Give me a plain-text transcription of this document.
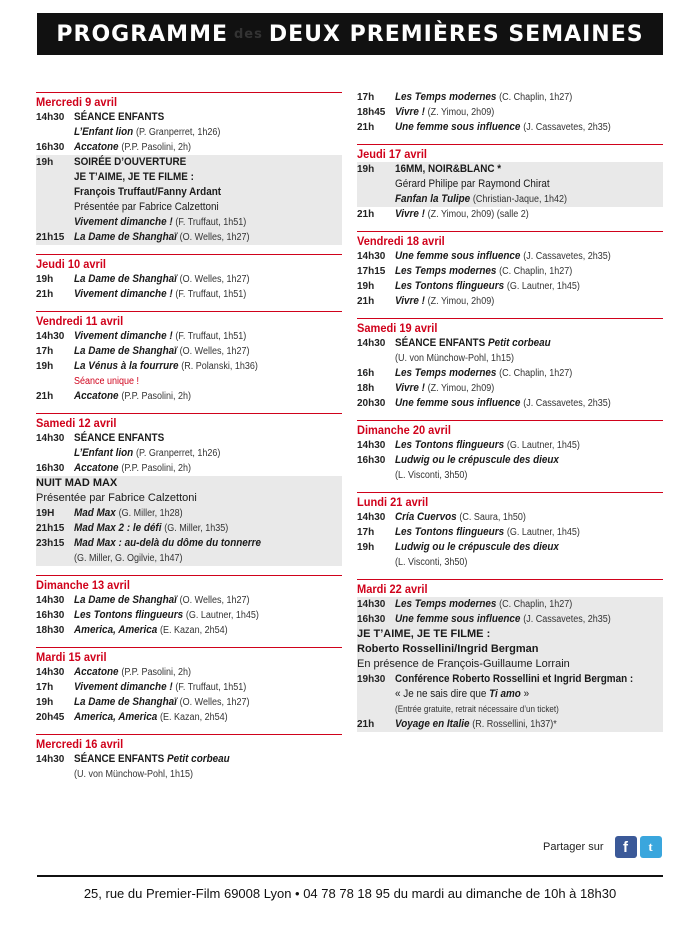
PROGRAMME des DEUX PREMIÈRES SEMAINES
Mercredi 9 avril
14h30 SÉANCE ENFANTS
L’Enfant lion (P. Granperret, 1h26)
16h30 Accatone (P.P. Pasolini, 2h)
19h	SOIRÉE D’OUVERTURE
JE T’AIME, JE TE FILME :
François Truffaut/Fanny Ardant
Présentée par Fabrice Calzettoni
Vivement dimanche ! (F. Truffaut, 1h51)
21h15 La Dame de Shanghaï (O. Welles, 1h27)
Jeudi 10 avril
19h	La Dame de Shanghaï (O. Welles, 1h27)
21h	Vivement dimanche ! (F. Truffaut, 1h51)
Vendredi 11 avril
14h30 Vivement dimanche ! (F. Truffaut, 1h51)
17h	La Dame de Shanghaï (O. Welles, 1h27)
19h	La Vénus à la fourrure (R. Polanski, 1h36)
Séance unique !
21h	Accatone (P.P. Pasolini, 2h)
Samedi 12 avril
14h30 SÉANCE ENFANTS
L’Enfant lion (P. Granperret, 1h26)
16h30 Accatone (P.P. Pasolini, 2h)
NUIT MAD MAX
Présentée par Fabrice Calzettoni
19H	Mad Max (G. Miller, 1h28)
21h15 Mad Max 2 : le défi (G. Miller, 1h35)
23h15 Mad Max : au-delà du dôme du tonnerre
(G. Miller, G. Ogilvie, 1h47)
Dimanche 13 avril
14h30 La Dame de Shanghaï (O. Welles, 1h27)
16h30 Les Tontons flingueurs (G. Lautner, 1h45)
18h30 America, America (E. Kazan, 2h54)
Mardi 15 avril
14h30 Accatone (P.P. Pasolini, 2h)
17h	Vivement dimanche ! (F. Truffaut, 1h51)
19h	La Dame de Shanghaï (O. Welles, 1h27)
20h45 America, America (E. Kazan, 2h54)
Mercredi 16 avril
14h30 SÉANCE ENFANTS Petit corbeau
(U. von Münchow-Pohl, 1h15)
17h	Les Temps modernes (C. Chaplin, 1h27)
18h45 Vivre ! (Z. Yimou, 2h09)
21h	Une femme sous influence (J. Cassavetes, 2h35)
Jeudi 17 avril
19h	16MM, NOIR&BLANC *
Gérard Philipe par Raymond Chirat
Fanfan la Tulipe (Christian-Jaque, 1h42)
21h	Vivre ! (Z. Yimou, 2h09) (salle 2)
Vendredi 18 avril
14h30 Une femme sous influence (J. Cassavetes, 2h35)
17h15 Les Temps modernes (C. Chaplin, 1h27)
19h	Les Tontons flingueurs (G. Lautner, 1h45)
21h	Vivre ! (Z. Yimou, 2h09)
Samedi 19 avril
14h30 SÉANCE ENFANTS Petit corbeau
(U. von Münchow-Pohl, 1h15)
16h	Les Temps modernes (C. Chaplin, 1h27)
18h	Vivre ! (Z. Yimou, 2h09)
20h30 Une femme sous influence (J. Cassavetes, 2h35)
Dimanche 20 avril
14h30 Les Tontons flingueurs (G. Lautner, 1h45)
16h30 Ludwig ou le crépuscule des dieux
(L. Visconti, 3h50)
Lundi 21 avril
14h30 Cría Cuervos (C. Saura, 1h50)
17h	Les Tontons flingueurs (G. Lautner, 1h45)
19h	Ludwig ou le crépuscule des dieux
(L. Visconti, 3h50)
Mardi 22 avril
14h30 Les Temps modernes (C. Chaplin, 1h27)
16h30 Une femme sous influence (J. Cassavetes, 2h35)
JE T’AIME, JE TE FILME :
Roberto Rossellini/Ingrid Bergman
En présence de François-Guillaume Lorrain
19h30 Conférence Roberto Rossellini et Ingrid Bergman :
« Je ne sais dire que Ti amo »
(Entrée gratuite, retrait nécessaire d’un ticket)
21h	Voyage en Italie (R. Rossellini, 1h37)*
Partager sur	f	t
25, rue du Premier-Film 69008 Lyon • 04 78 78 18 95 du mardi au dimanche de 10h à 18h30
